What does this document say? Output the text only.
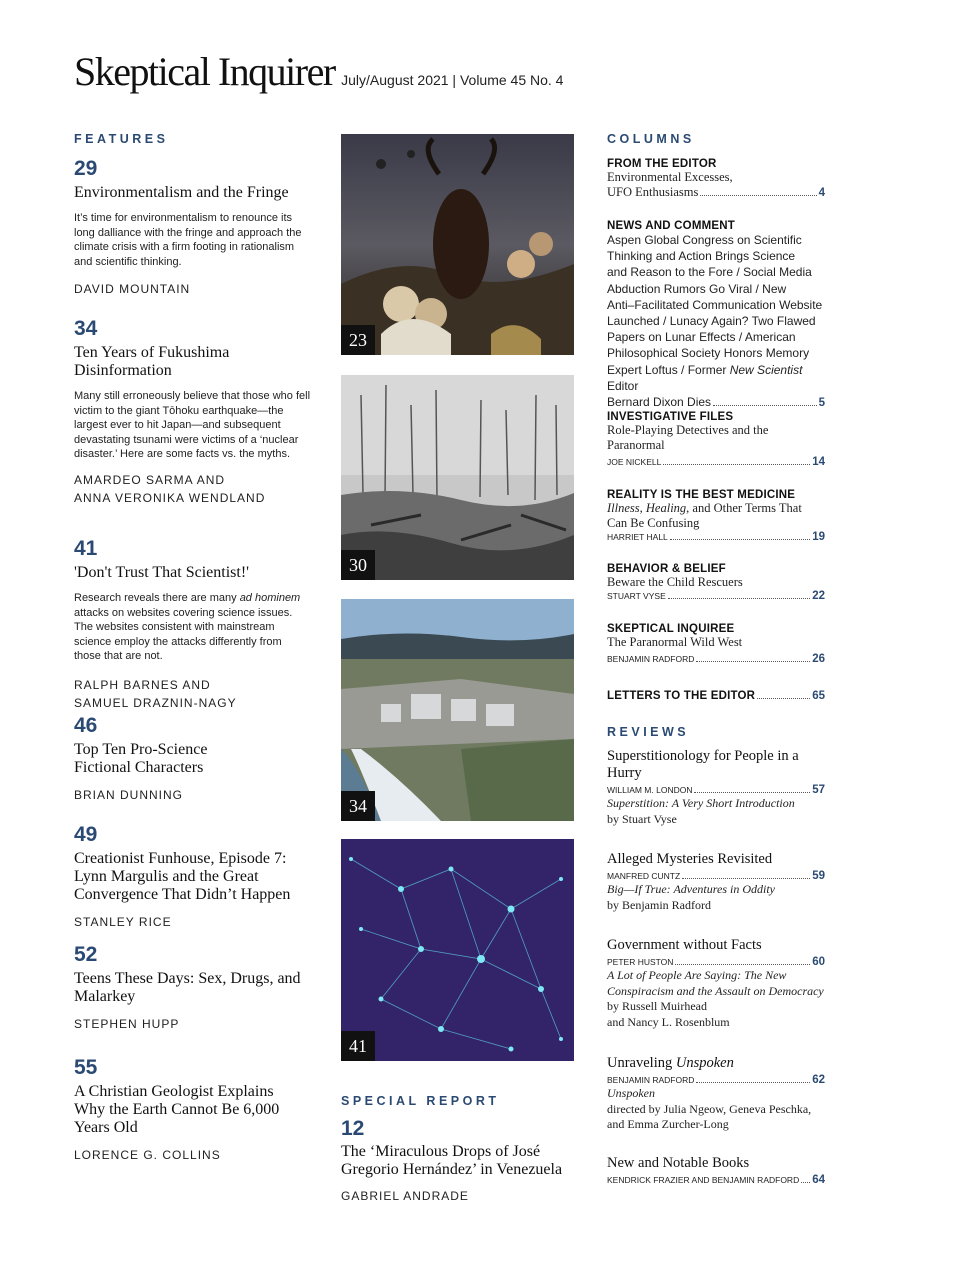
Skeptical Inquirer July/August 2021 | Volume 45 No. 4
FEATURES
29
Environmentalism and the Fringe
It’s time for environmentalism to renounce its long dalliance with the fringe and approach the climate crisis with a firm footing in rationalism and scientific thinking.
DAVID MOUNTAIN
34
Ten Years of Fukushima
Disinformation
Many still erroneously believe that those who fell victim to the giant Tōhoku earthquake—the largest ever to hit Japan—and subsequent devastating tsunami were victims of a ‘nuclear disaster.’ Here are some facts vs. the myths.
AMARDEO SARMA AND
ANNA VERONIKA WENDLAND
41
'Don't Trust That Scientist!'
Research reveals there are many ad hominem attacks on websites covering science issues. The websites consistent with mainstream science employ the attacks differently from those that are not.
RALPH BARNES AND
SAMUEL DRAZNIN-NAGY
46
Top Ten Pro-Science
Fictional Characters
BRIAN DUNNING
49
Creationist Funhouse, Episode 7:
Lynn Margulis and the Great
Convergence That Didn’t Happen
STANLEY RICE
52
Teens These Days: Sex, Drugs, and
Malarkey
STEPHEN HUPP
55
A Christian Geologist Explains
Why the Earth Cannot Be 6,000
Years Old
LORENCE G. COLLINS
23
30
34
41
SPECIAL REPORT
12
The ‘Miraculous Drops of José
Gregorio Hernández’ in Venezuela
GABRIEL ANDRADE
COLUMNS
FROM THE EDITOR
Environmental Excesses,
UFO Enthusiasms	4
NEWS AND COMMENT
Aspen Global Congress on Scientific
Thinking and Action Brings Science
and Reason to the Fore / Social Media
Abduction Rumors Go Viral / New
Anti–Facilitated Communication Website
Launched / Lunacy Again? Two Flawed
Papers on Lunar Effects / American
Philosophical Society Honors Memory
Expert Loftus / Former New Scientist Editor
Bernard Dixon Dies	5
INVESTIGATIVE FILES
Role-Playing Detectives and the
Paranormal
JOE NICKELL	14
REALITY IS THE BEST MEDICINE
Illness, Healing, and Other Terms That
Can Be Confusing
HARRIET HALL	19
BEHAVIOR & BELIEF
Beware the Child Rescuers
STUART VYSE	22
SKEPTICAL INQUIREE
The Paranormal Wild West
BENJAMIN RADFORD	26
LETTERS TO THE EDITOR	65
REVIEWS
Superstitionology for People in a
Hurry
WILLIAM M. LONDON	57
Superstition: A Very Short Introduction
by Stuart Vyse
Alleged Mysteries Revisited
MANFRED CUNTZ	59
Big—If True: Adventures in Oddity
by Benjamin Radford
Government without Facts
PETER HUSTON	60
A Lot of People Are Saying: The New
Conspiracism and the Assault on Democracy
by Russell Muirhead
and Nancy L. Rosenblum
Unraveling Unspoken
BENJAMIN RADFORD	62
Unspoken
directed by Julia Ngeow, Geneva Peschka,
and Emma Zurcher-Long
New and Notable Books
KENDRICK FRAZIER AND BENJAMIN RADFORD 64
